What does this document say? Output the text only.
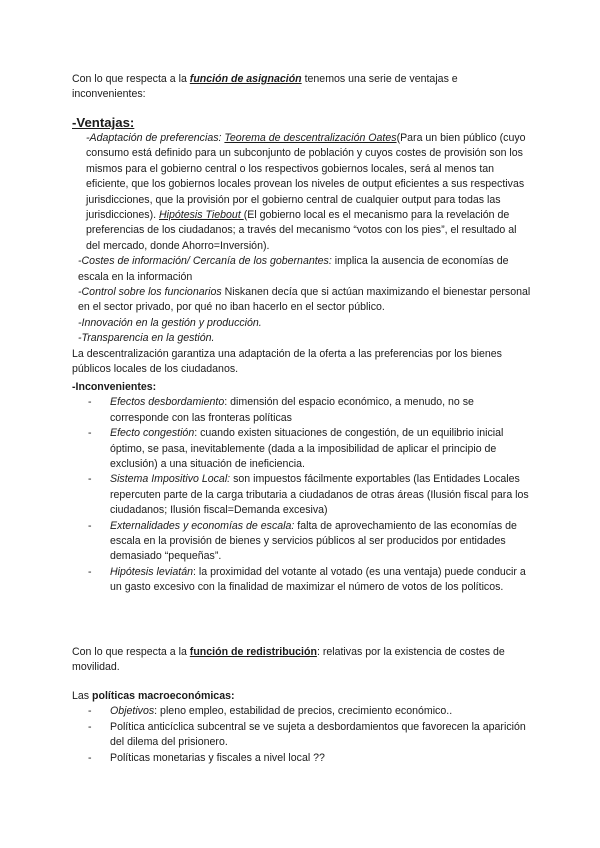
Con lo que respecta a la función de asignación tenemos una serie de ventajas e inconvenientes:

-Ventajas:

-Adaptación de preferencias: Teorema de descentralización Oates(Para un bien público (cuyo consumo está definido para un subconjunto de población y cuyos costes de provisión son los mismos para el gobierno central o los respectivos gobiernos locales, será al menos tan eficiente, que los gobiernos locales provean los niveles de output eficientes a sus respectivas jurisdicciones, que la provisión por el gobierno central de cualquier output para todas las jurisdicciones). Hipótesis Tiebout (El gobierno local es el mecanismo para la revelación de preferencias de los ciudadanos; a través del mecanismo “votos con los pies”, el resultado al del mercado, donde Ahorro=Inversión).

-Costes de información/ Cercanía de los gobernantes: implica la ausencia de economías de escala en la información

-Control sobre los funcionarios Niskanen decía que si actúan maximizando el bienestar personal en el sector privado, por qué no iban hacerlo en el sector público.

-Innovación en la gestión y producción.

-Transparencia en la gestión.

La descentralización garantiza una adaptación de la oferta a las preferencias por los bienes públicos locales de los ciudadanos.

-Inconvenientes:

- Efectos desbordamiento: dimensión del espacio económico, a menudo, no se corresponde con las fronteras políticas
- Efecto congestión: cuando existen situaciones de congestión, de un equilibrio inicial óptimo, se pasa, inevitablemente (dada a la imposibilidad de aplicar el principio de exclusión) a una situación de ineficiencia.
- Sistema Impositivo Local: son impuestos fácilmente exportables (las Entidades Locales repercuten parte de la carga tributaria a ciudadanos de otras áreas (Ilusión fiscal para los ciudadanos; Ilusión fiscal=Demanda excesiva)
- Externalidades y economías de escala: falta de aprovechamiento de las economías de escala en la provisión de bienes y servicios públicos al ser producidos por entidades demasiado “pequeñas”.
- Hipótesis leviatán: la proximidad del votante al votado (es una ventaja) puede conducir a un gasto excesivo con la finalidad de maximizar el número de votos de los políticos.

Con lo que respecta a la función de redistribución: relativas por la existencia de costes de movilidad.

Las políticas macroeconómicas:

- Objetivos: pleno empleo, estabilidad de precios, crecimiento económico..
- Política anticíclica subcentral se ve sujeta a desbordamientos que favorecen la aparición del dilema del prisionero.
- Políticas monetarias y fiscales a nivel local ??
